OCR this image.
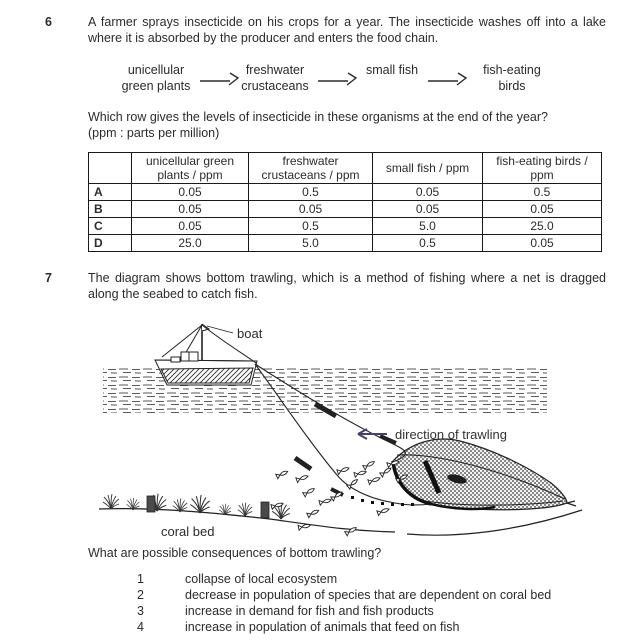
6	A farmer sprays insecticide on his crops for a year. The insecticide washes off into a lake where it is absorbed by the producer and enters the food chain.
unicellular
green plants
freshwater
crustaceans
small fish	fish-eating
birds
Which row gives the levels of insecticide in these organisms at the end of the year?
(ppm : parts per million)
	unicellular green plants / ppm	freshwater crustaceans / ppm	small fish / ppm	fish-eating birds / ppm
A	0.05	0.5	0.05	0.5
B	0.05	0.05	0.05	0.05
C	0.05	0.5	5.0	25.0
D	25.0	5.0	0.5	0.05
7	The diagram shows bottom trawling, which is a method of fishing where a net is dragged along the seabed to catch fish.
boat
coral bed
direction of trawling
What are possible consequences of bottom trawling?
1	collapse of local ecosystem
2	decrease in population of species that are dependent on coral bed
3	increase in demand for fish and fish products
4	increase in population of animals that feed on fish
